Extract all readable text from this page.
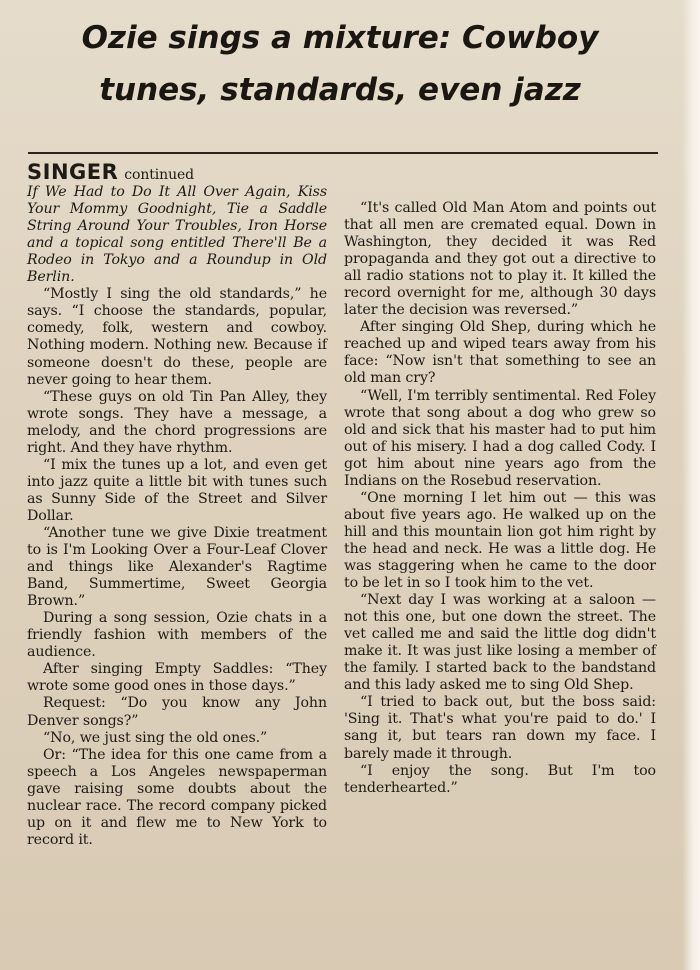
Ozie sings a mixture: Cowboy
tunes, standards, even jazz
SINGER continued

If We Had to Do It All Over Again, Kiss Your Mommy Goodnight, Tie a Saddle String Around Your Troubles, Iron Horse and a topical song entitled There'll Be a Rodeo in Tokyo and a Roundup in Old Berlin.

“Mostly I sing the old standards,” he says. “I choose the standards, popular, comedy, folk, western and cowboy. Nothing modern. Nothing new. Because if someone doesn't do these, people are never going to hear them.

“These guys on old Tin Pan Alley, they wrote songs. They have a message, a melody, and the chord progressions are right. And they have rhythm.

“I mix the tunes up a lot, and even get into jazz quite a little bit with tunes such as Sunny Side of the Street and Silver Dollar.

“Another tune we give Dixie treatment to is I'm Looking Over a Four-Leaf Clover and things like Alexander's Ragtime Band, Summertime, Sweet Georgia Brown.”

During a song session, Ozie chats in a friendly fashion with members of the audience.

After singing Empty Saddles: “They wrote some good ones in those days.”

Request: “Do you know any John Denver songs?”

“No, we just sing the old ones.”

Or: “The idea for this one came from a speech a Los Angeles newspaperman gave raising some doubts about the nuclear race. The record company picked up on it and flew me to New York to record it.

“It's called Old Man Atom and points out that all men are cremated equal. Down in Washington, they decided it was Red propaganda and they got out a directive to all radio stations not to play it. It killed the record overnight for me, although 30 days later the decision was reversed.”

After singing Old Shep, during which he reached up and wiped tears away from his face: “Now isn't that something to see an old man cry?

“Well, I'm terribly sentimental. Red Foley wrote that song about a dog who grew so old and sick that his master had to put him out of his misery. I had a dog called Cody. I got him about nine years ago from the Indians on the Rosebud reservation.

“One morning I let him out — this was about five years ago. He walked up on the hill and this mountain lion got him right by the head and neck. He was a little dog. He was staggering when he came to the door to be let in so I took him to the vet.

“Next day I was working at a saloon — not this one, but one down the street. The vet called me and said the little dog didn't make it. It was just like losing a member of the family. I started back to the bandstand and this lady asked me to sing Old Shep.

“I tried to back out, but the boss said: 'Sing it. That's what you're paid to do.' I sang it, but tears ran down my face. I barely made it through.

“I enjoy the song. But I'm too tenderhearted.”
